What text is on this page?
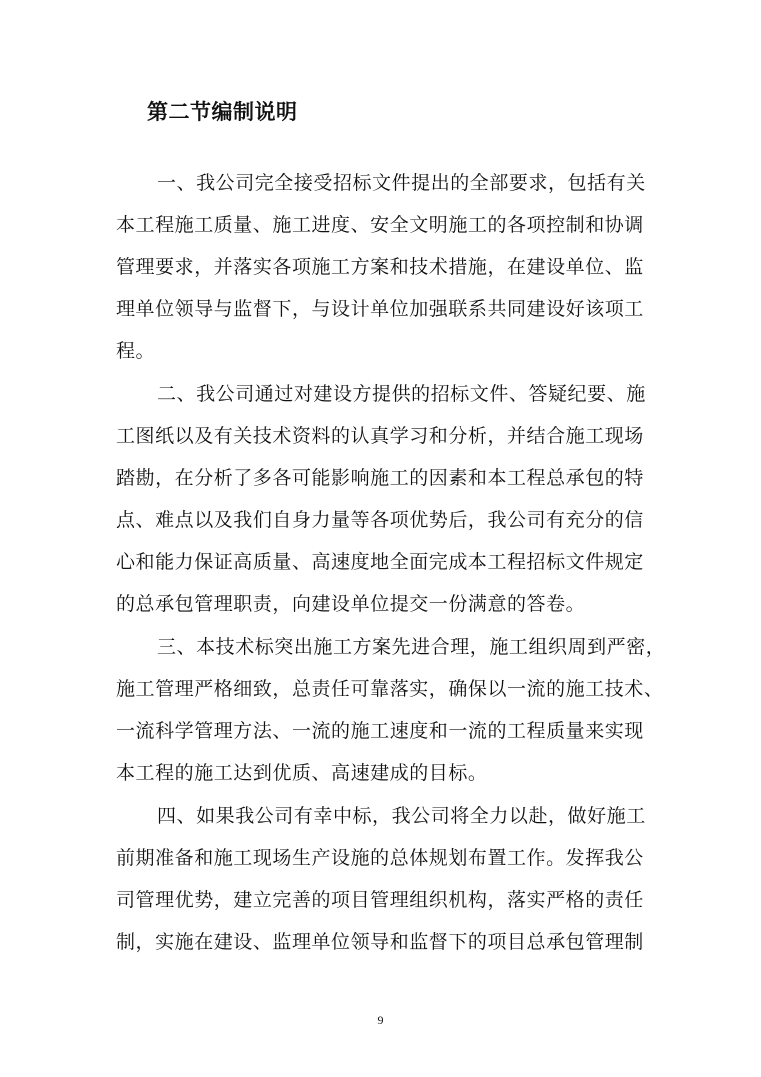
第二节编制说明

一、我公司完全接受招标文件提出的全部要求，包括有关

本工程施工质量、施工进度、安全文明施工的各项控制和协调

管理要求，并落实各项施工方案和技术措施，在建设单位、监

理单位领导与监督下，与设计单位加强联系共同建设好该项工

程。

二、我公司通过对建设方提供的招标文件、答疑纪要、施

工图纸以及有关技术资料的认真学习和分析，并结合施工现场

踏勘，在分析了多各可能影响施工的因素和本工程总承包的特

点、难点以及我们自身力量等各项优势后，我公司有充分的信

心和能力保证高质量、高速度地全面完成本工程招标文件规定

的总承包管理职责，向建设单位提交一份满意的答卷。

三、本技术标突出施工方案先进合理，施工组织周到严密，

施工管理严格细致，总责任可靠落实，确保以一流的施工技术、

一流科学管理方法、一流的施工速度和一流的工程质量来实现

本工程的施工达到优质、高速建成的目标。

四、如果我公司有幸中标，我公司将全力以赴，做好施工

前期准备和施工现场生产设施的总体规划布置工作。发挥我公

司管理优势，建立完善的项目管理组织机构，落实严格的责任

制，实施在建设、监理单位领导和监督下的项目总承包管理制

9
